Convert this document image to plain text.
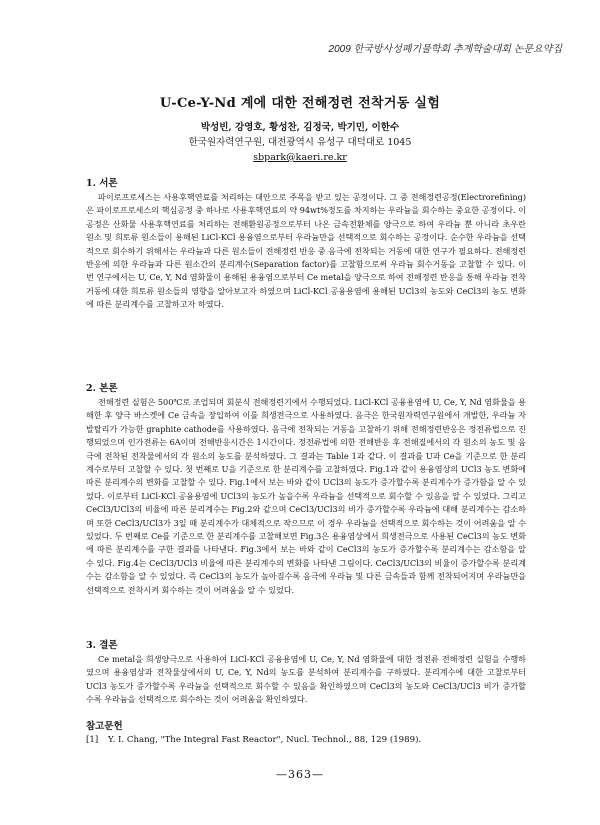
2009 한국방사성폐기물학회 추계학술대회 논문요약집
U-Ce-Y-Nd 계에 대한 전해정련 전착거동 실험
박성빈, 강영호, 황성찬, 김정국, 박기민, 이한수
한국원자력연구원, 대전광역시 유성구 대덕대로 1045
sbpark@kaeri.re.kr
1. 서론

파이로프로세스는 사용후핵연료를 처리하는 대안으로 주목을 받고 있는 공정이다. 그 중 전해정련공정(Electrorefining)은 파이로프로세스의 핵심공정 중 하나로 사용후핵연료의 약 94wt%정도를 차지하는 우라늄을 회수하는 중요한 공정이다. 이 공정은 산화물 사용후핵연료를 처리하는 전해환원공정으로부터 나온 금속전환체를 양극으로 하여 우라늄 뿐 아니라 초우란 원소 및 희토류 원소들이 용해된 LiCl-KCl 용융염으로부터 우라늄만을 선택적으로 회수하는 공정이다. 순수한 우라늄을 선택적으로 회수하기 위해서는 우라늄과 다른 원소들이 전해정련 반응 중 음극에 전착되는 거동에 대한 연구가 필요하다. 전해정련반응에 의한 우라늄과 다른 원소간의 분리계수(Separation factor)를 고찰함으로써 우라늄 회수거동을 고찰할 수 있다. 이번 연구에서는 U, Ce, Y, Nd 염화물이 용해된 용융염으로부터 Ce metal을 양극으로 하여 전해정련 반응을 통해 우라늄 전착거동에 대한 희토류 원소들의 영향을 알아보고자 하였으며 LiCl-KCl 공융용염에 용해된 UCl3의 농도와 CeCl3의 농도 변화에 따른 분리계수를 고찰하고자 하였다.

2. 본론

전해정련 실험은 500℃로 조업되며 회분식 전해정련기에서 수행되었다. LiCl-KCl 공융용염에 U, Ce, Y, Nd 염화물을 용해한 후 양극 바스켓에 Ce 금속을 장입하여 이를 희생전극으로 사용하였다. 음극은 한국원자력연구원에서 개발한, 우라늄 자발탈리가 가능한 graphite cathode를 사용하였다. 음극에 전착되는 거동을 고찰하기 위해 전해정련반응은 정전류법으로 진행되었으며 인가전류는 6A이며 전해반응시간은 1시간이다. 정전류법에 의한 전해반응 후 전해질에서의 각 원소의 농도 및 음극에 전착된 전착물에서의 각 원소의 농도를 분석하였다. 그 결과는 Table 1과 같다. 이 결과를 U과 Ce을 기준으로 한 분리계수로부터 고찰할 수 있다. 첫 번째로 U을 기준으로 한 분리계수를 고찰하였다. Fig.1과 같이 용융염상의 UCl3 농도 변화에 따른 분리계수의 변화를 고찰할 수 있다. Fig.1에서 보는 바와 같이 UCl3의 농도가 증가할수록 분리계수가 증가함을 알 수 있었다. 이로부터 LiCl-KCl 공융용염에 UCl3의 농도가 높을수록 우라늄을 선택적으로 회수할 수 있음을 알 수 있었다. 그리고 CeCl3/UCl3의 비율에 따른 분리계수는 Fig.2와 같으며 CeCl3/UCl3의 비가 증가할수록 우라늄에 대해 분리계수는 감소하며 또한 CeCl3/UCl3가 3일 때 분리계수가 대체적으로 작으므로 이 경우 우라늄을 선택적으로 회수하는 것이 어려움을 알 수 있었다. 두 번째로 Ce를 기준으로 한 분리계수를 고찰해보면 Fig.3은 용융염상에서 희생전극으로 사용된 CeCl3의 농도 변화에 따른 분리계수를 구한 결과를 나타낸다. Fig.3에서 보는 바와 같이 CeCl3의 농도가 증가할수록 분리계수는 감소함을 알 수 있다. Fig.4는 CeCl3/UCl3 비율에 따른 분리계수의 변화를 나타낸 그림이다. CeCl3/UCl3의 비율이 증가할수록 분리계수는 감소함을 알 수 있었다. 즉 CeCl3의 농도가 높아짐수록 음극에 우라늄 및 다른 금속들과 함께 전착되어지며 우라늄만을 선택적으로 전착시켜 회수하는 것이 어려움을 알 수 있었다.

3. 결론

Ce metal을 희생양극으로 사용하여 LiCl-KCl 공융용염에 U, Ce, Y, Nd 염화물에 대한 정전류 전해정련 실험을 수행하였으며 용융염상과 전착물상에서의 U, Ce, Y, Nd의 농도를 분석하여 분리계수를 구하였다. 분리계수에 대한 고찰로부터 UCl3 농도가 증가할수록 우라늄을 선택적으로 회수할 수 있음을 확인하였으며 CeCl3의 농도와 CeCl3/UCl3 비가 증가할수록 우라늄을 선택적으로 회수하는 것이 어려움을 확인하였다.

참고문헌
[1]	Y. I. Chang, "The Integral Fast Reactor", Nucl. Technol., 88, 129 (1989).
—363—
